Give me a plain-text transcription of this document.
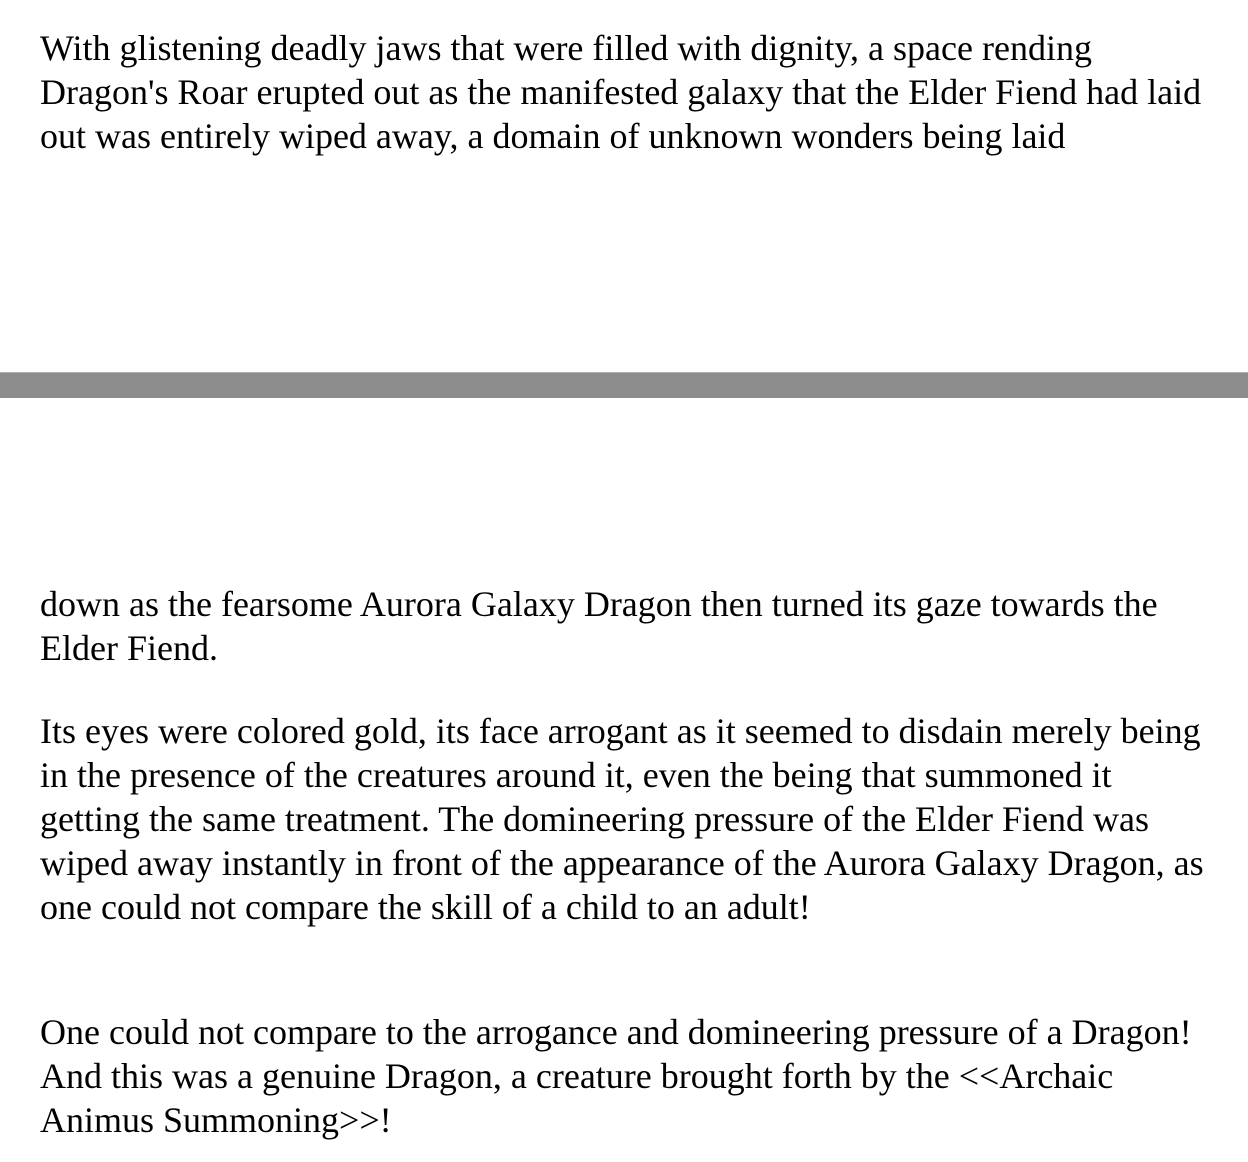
With glistening deadly jaws that were filled with dignity, a space rending Dragon's Roar erupted out as the manifested galaxy that the Elder Fiend had laid out was entirely wiped away, a domain of unknown wonders being laid

down as the fearsome Aurora Galaxy Dragon then turned its gaze towards the Elder Fiend.

Its eyes were colored gold, its face arrogant as it seemed to disdain merely being in the presence of the creatures around it, even the being that summoned it getting the same treatment. The domineering pressure of the Elder Fiend was wiped away instantly in front of the appearance of the Aurora Galaxy Dragon, as one could not compare the skill of a child to an adult!

One could not compare to the arrogance and domineering pressure of a Dragon! And this was a genuine Dragon, a creature brought forth by the <<Archaic Animus Summoning>>!
